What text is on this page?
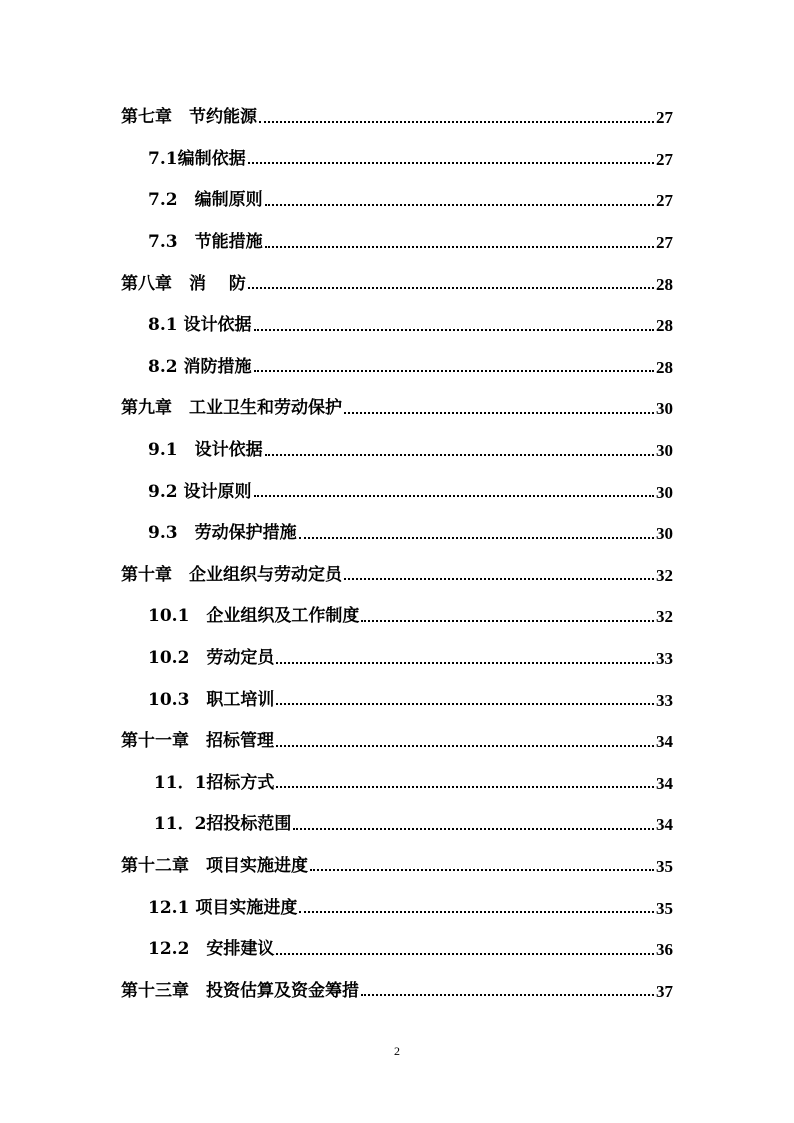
第七章　节约能源	27
7.1编制依据	27
7.2　编制原则	27
7.3　节能措施	27
第八章　消　 防	28
8.1 设计依据	28
8.2 消防措施	28
第九章　工业卫生和劳动保护	30
9.1　设计依据	30
9.2 设计原则	30
9.3　劳动保护措施	30
第十章　企业组织与劳动定员	32
10.1　企业组织及工作制度	32
10.2　劳动定员	33
10.3　职工培训	33
第十一章　招标管理	34
11．1招标方式	34
11．2招投标范围	34
第十二章　项目实施进度	35
12.1 项目实施进度	35
12.2　安排建议	36
第十三章　投资估算及资金筹措	37
2
